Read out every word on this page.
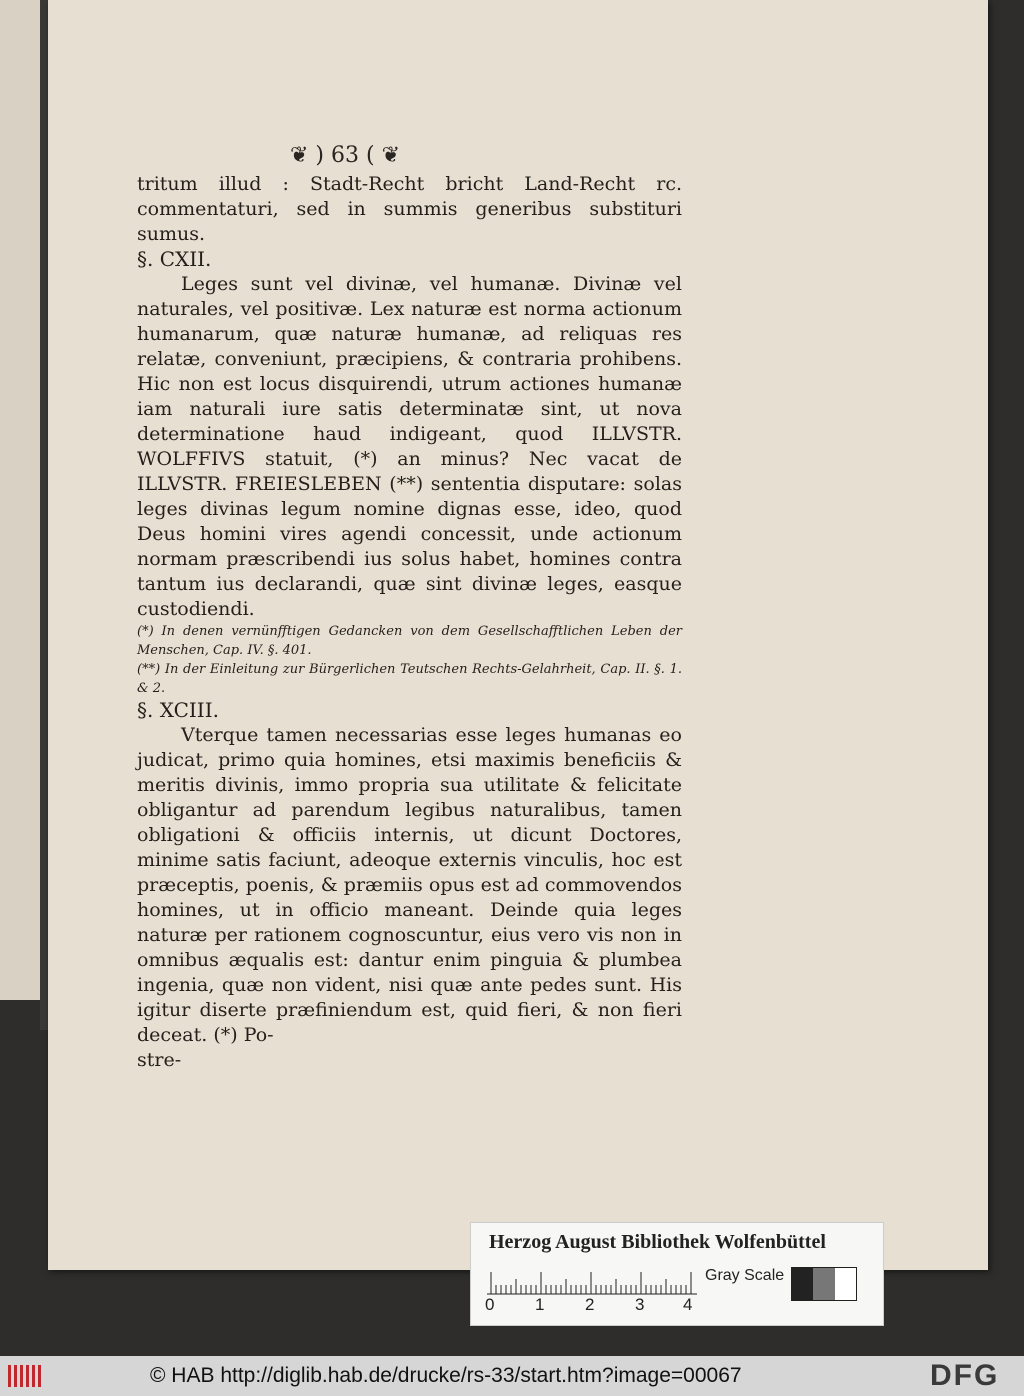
❦ ) 63 ( ❦

tritum illud : Stadt-Recht bricht Land-Recht rc. commentaturi, sed in summis generibus substituri sumus.

§. CXII.

Leges sunt vel divinæ, vel humanæ. Divinæ vel naturales, vel positivæ. Lex naturæ est norma actionum humanarum, quæ naturæ humanæ, ad reliquas res relatæ, conveniunt, præcipiens, & contraria prohibens. Hic non est locus disquirendi, utrum actiones humanæ iam naturali iure satis determinatæ sint, ut nova determinatione haud indigeant, quod ILLVSTR. WOLFFIVS statuit, (*) an minus? Nec vacat de ILLVSTR. FREIESLEBEN (**) sententia disputare: solas leges divinas legum nomine dignas esse, ideo, quod Deus homini vires agendi concessit, unde actionum normam præscribendi ius solus habet, homines contra tantum ius declarandi, quæ sint divinæ leges, easque custodiendi.

(*) In denen vernünfftigen Gedancken von dem Gesellschafftlichen Leben der Menschen, Cap. IV. §. 401.

(**) In der Einleitung zur Bürgerlichen Teutschen Rechts-Gelahrheit, Cap. II. §. 1. & 2.

§. XCIII.

Vterque tamen necessarias esse leges humanas eo judicat, primo quia homines, etsi maximis beneficiis & meritis divinis, immo propria sua utilitate & felicitate obligantur ad parendum legibus naturalibus, tamen obligationi & officiis internis, ut dicunt Doctores, minime satis faciunt, adeoque externis vinculis, hoc est præceptis, poenis, & præmiis opus est ad commovendos homines, ut in officio maneant. Deinde quia leges naturæ per rationem cognoscuntur, eius vero vis non in omnibus æqualis est: dantur enim pinguia & plumbea ingenia, quæ non vident, nisi quæ ante pedes sunt. His igitur diserte præfiniendum est, quid fieri, & non fieri deceat. (*) Po-

stre-

Herzog August Bibliothek Wolfenbüttel
0 1 2 3 4
Gray Scale
© HAB http://diglib.hab.de/drucke/rs-33/start.htm?image=00067	DFG
